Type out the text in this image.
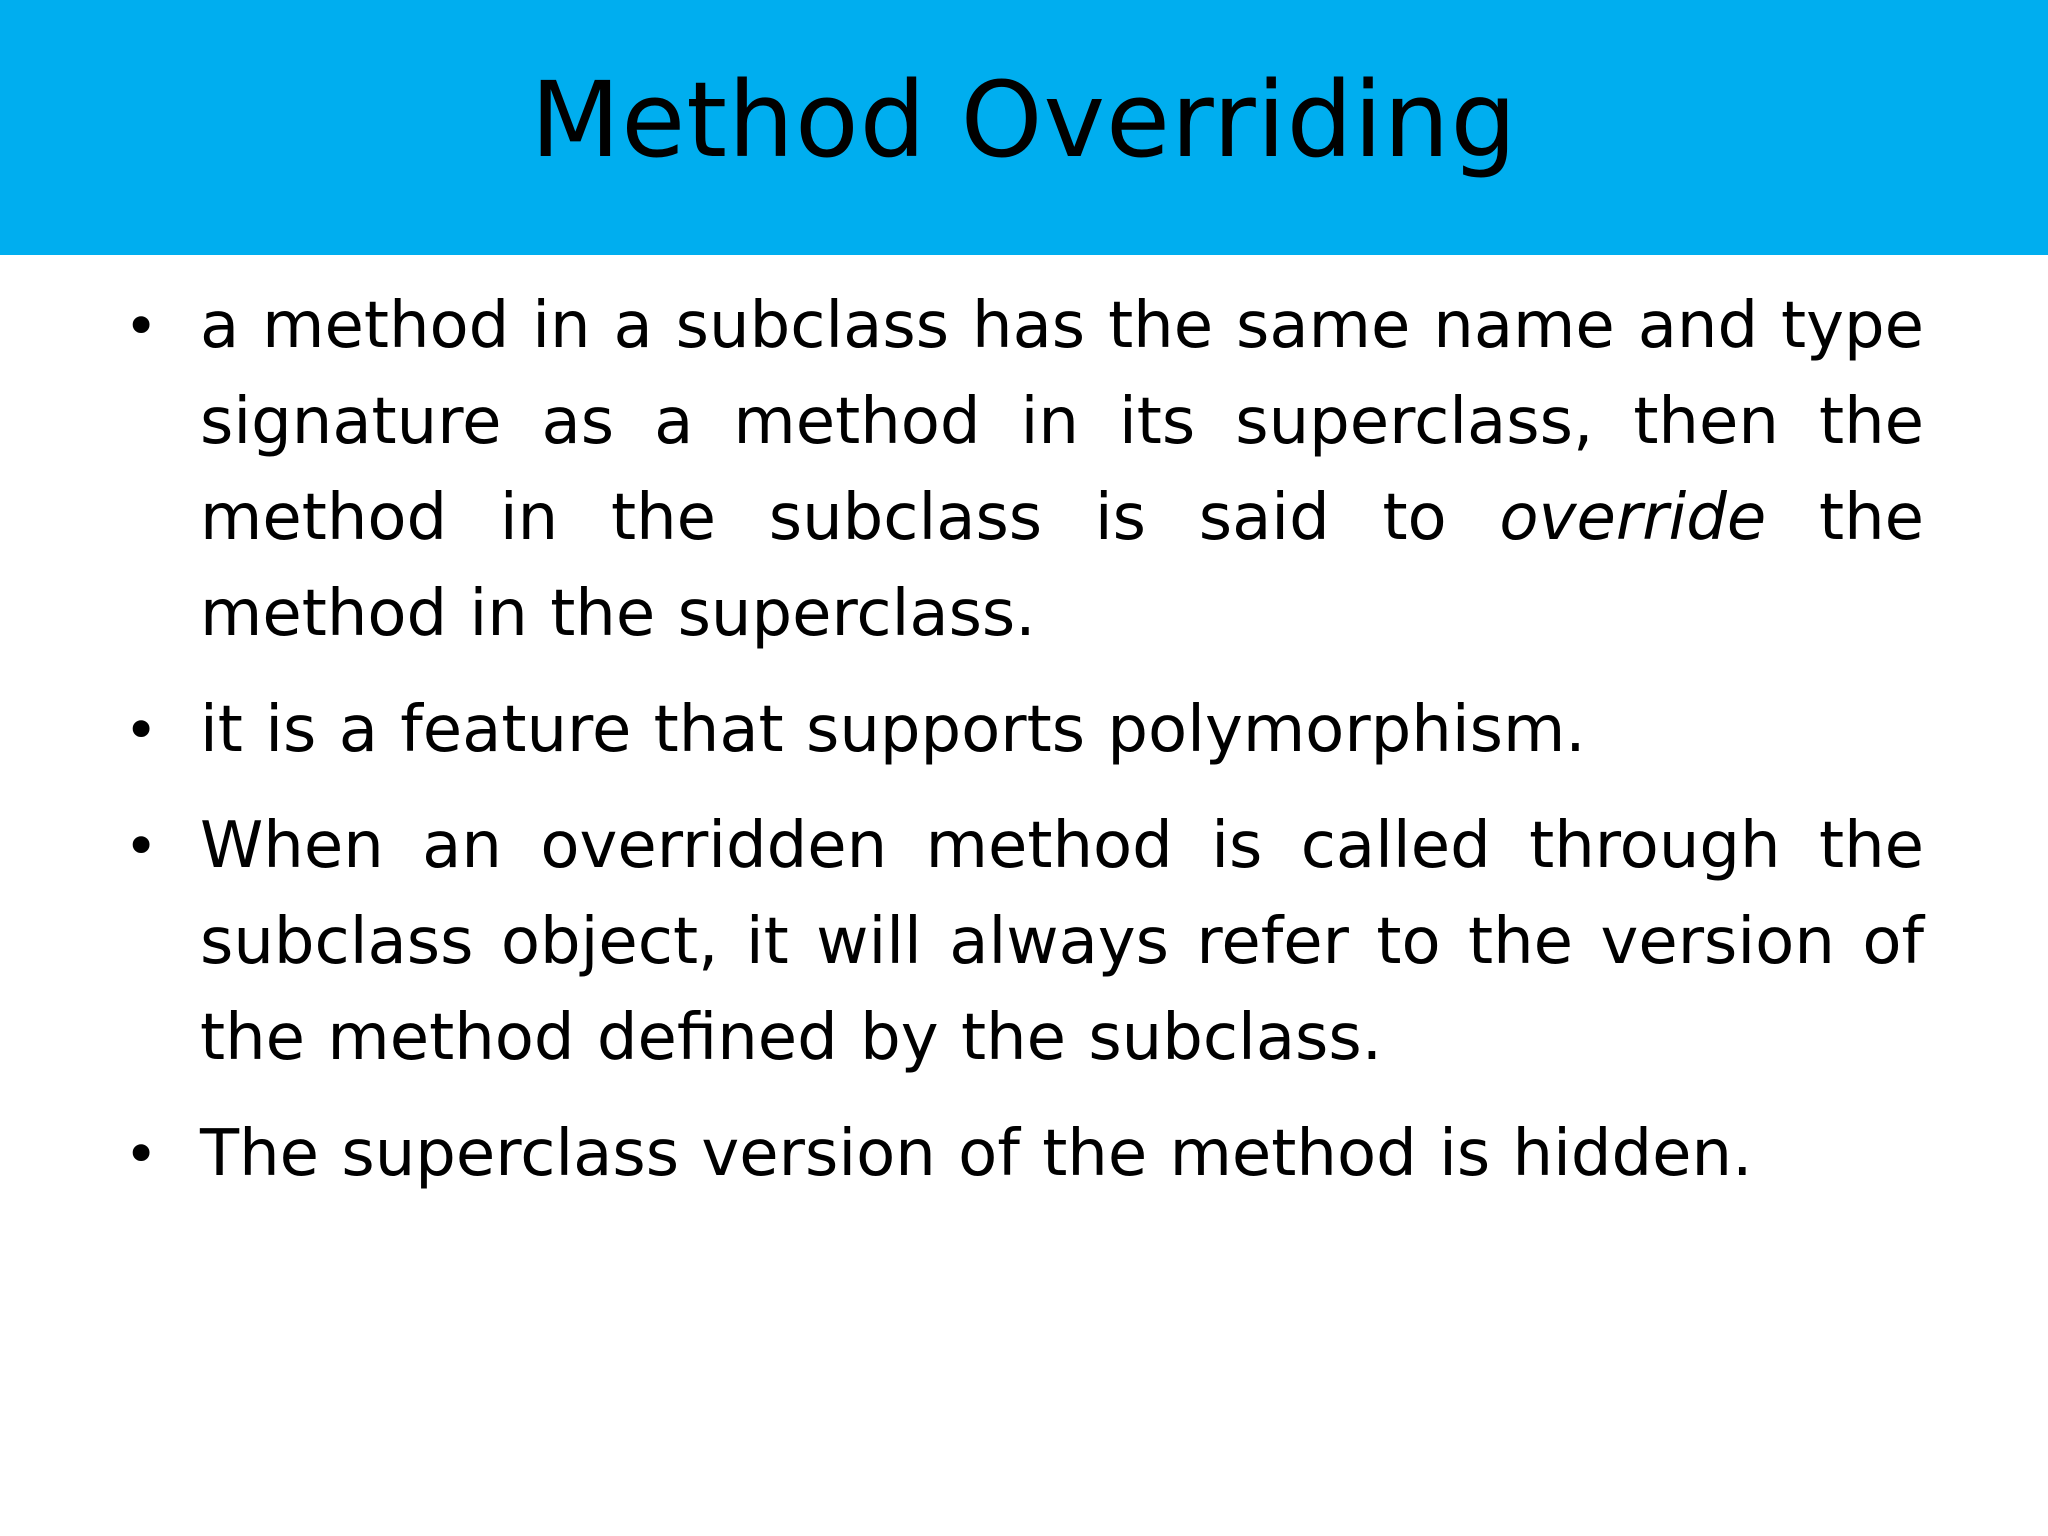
Method Overriding
• a method in a subclass has the same name and type signature as a method in its superclass, then the method in the subclass is said to override the method in the superclass.
• it is a feature that supports polymorphism.
• When an overridden method is called through the subclass object, it will always refer to the version of the method defined by the subclass.
• The superclass version of the method is hidden.
